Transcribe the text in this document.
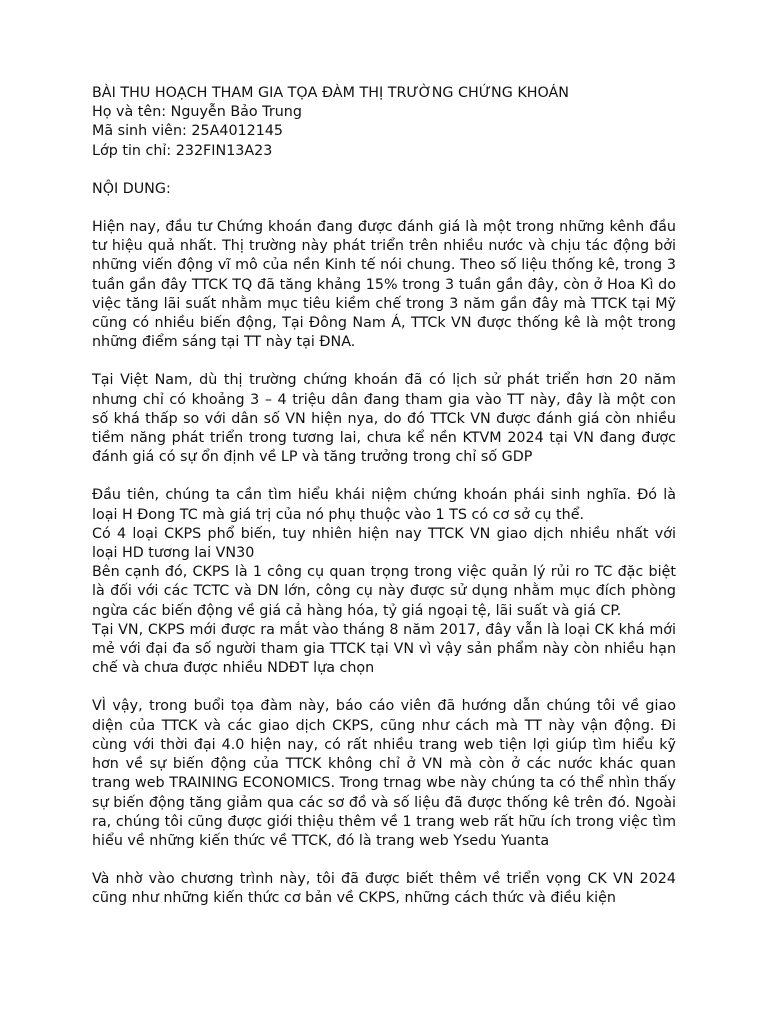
BÀI THU HOẠCH THAM GIA TỌA ĐÀM THỊ TRƯỜNG CHỨNG KHOÁN
Họ và tên: Nguyễn Bảo Trung
Mã sinh viên: 25A4012145
Lớp tin chỉ: 232FIN13A23
NỘI DUNG:

Hiện nay, đầu tư Chứng khoán đang được đánh giá là một trong những kênh đầu tư hiệu quả nhất. Thị trường này phát triển trên nhiều nước và chịu tác động bởi những viến động vĩ mô của nền Kinh tế nói chung. Theo số liệu thống kê, trong 3 tuần gần đây TTCK TQ đã tăng khảng 15% trong 3 tuần gần đây, còn ở Hoa Kì do việc tăng lãi suất nhằm mục tiêu kiềm chế trong 3 năm gần đây mà TTCK tại Mỹ cũng có nhiều biến động, Tại Đông Nam Á, TTCk VN được thống kê là một trong những điểm sáng tại TT này tại ĐNA.

Tại Việt Nam, dù thị trường chứng khoán đã có lịch sử phát triển hơn 20 năm nhưng chỉ có khoảng 3 – 4 triệu dân đang tham gia vào TT này, đây là một con số khá thấp so với dân số VN hiện nya, do đó TTCk VN được đánh giá còn nhiều tiềm năng phát triển trong tương lai, chưa kể nền KTVM 2024 tại VN đang được đánh giá có sự ổn định về LP và tăng trưởng trong chỉ số GDP

Đầu tiên, chúng ta cần tìm hiểu khái niệm chứng khoán phái sinh nghĩa. Đó là loại H Đong TC mà giá trị của nó phụ thuộc vào 1 TS có cơ sở cụ thể.

Có 4 loại CKPS phổ biến, tuy nhiên hiện nay TTCK VN giao dịch nhiều nhất với loại HD tương lai VN30

Bên cạnh đó, CKPS là 1 công cụ quan trọng trong việc quản lý rủi ro TC đặc biệt là đối với các TCTC và DN lớn, công cụ này được sử dụng nhằm mục đích phòng ngừa các biến động về giá cả hàng hóa, tỷ giá ngoại tệ, lãi suất và giá CP.

Tại VN, CKPS mới được ra mắt vào tháng 8 năm 2017, đây vẫn là loại CK khá mới mẻ với đại đa số người tham gia TTCK tại VN vì vậy sản phẩm này còn nhiều hạn chế và chưa được nhiều NDĐT lựa chọn

VÌ vậy, trong buổi tọa đàm này, báo cáo viên đã hướng dẫn chúng tôi về giao diện của TTCK và các giao dịch CKPS, cũng như cách mà TT này vận động. Đi cùng với thời đại 4.0 hiện nay, có rất nhiều trang web tiện lợi giúp tìm hiểu kỹ hơn về sự biến động của TTCK không chỉ ở VN mà còn ở các nước khác quan trang web TRAINING ECONOMICS. Trong trnag wbe này chúng ta có thể nhìn thấy sự biến động tăng giảm qua các sơ đồ và số liệu đã được thống kê trên đó. Ngoài ra, chúng tôi cũng được giới thiệu thêm về 1 trang web rất hữu ích trong việc tìm hiểu về những kiến thức về TTCK, đó là trang web Ysedu Yuanta

Và nhờ vào chương trình này, tôi đã được biết thêm về triển vọng CK VN 2024 cũng như những kiến thức cơ bản về CKPS, những cách thức và điều kiện
